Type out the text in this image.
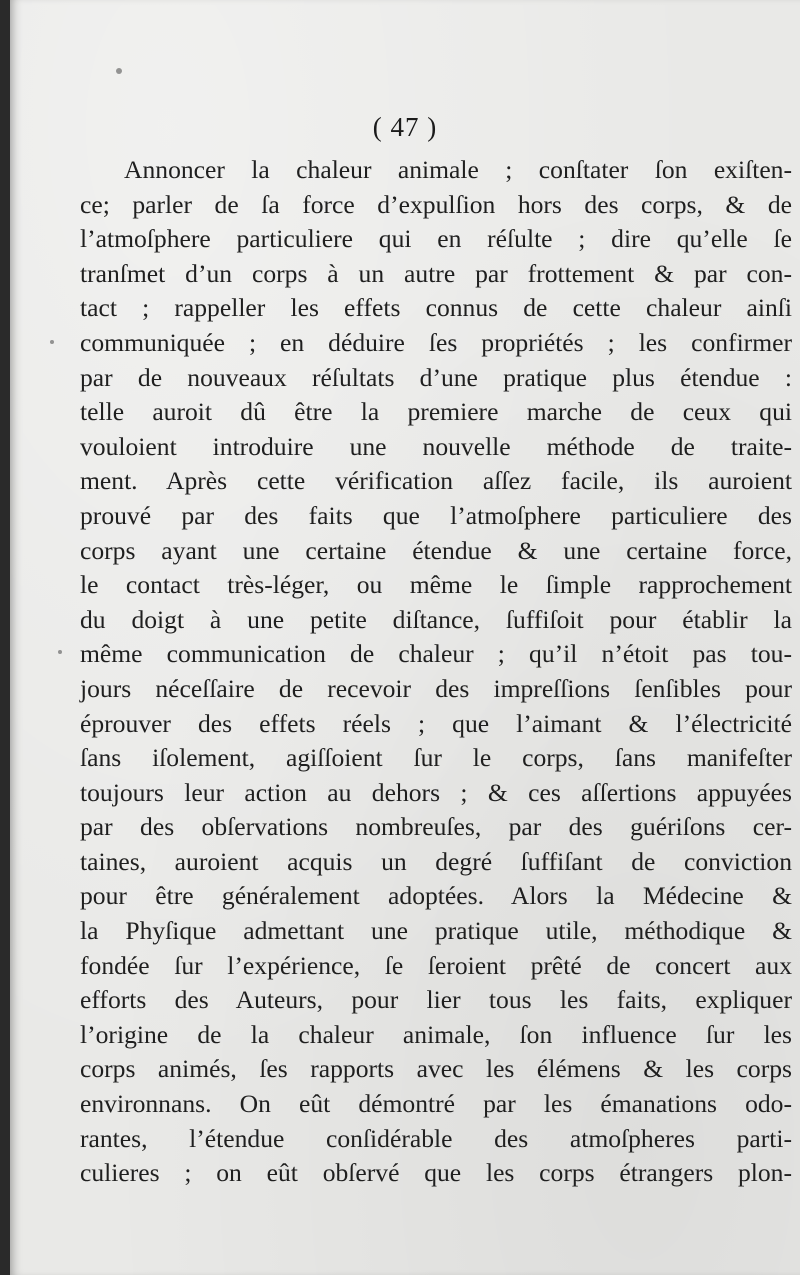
( 47 )
Annoncer la chaleur animale ; conſtater ſon exiſten-
ce; parler de ſa force d’expulſion hors des corps, & de
l’atmoſphere particuliere qui en réſulte ; dire qu’elle ſe
tranſmet d’un corps à un autre par frottement & par con-
tact ; rappeller les effets connus de cette chaleur ainſi
communiquée ; en déduire ſes propriétés ; les confirmer
par de nouveaux réſultats d’une pratique plus étendue :
telle auroit dû être la premiere marche de ceux qui
vouloient introduire une nouvelle méthode de traite-
ment. Après cette vérification aſſez facile, ils auroient
prouvé par des faits que l’atmoſphere particuliere des
corps ayant une certaine étendue & une certaine force,
le contact très-léger, ou même le ſimple rapprochement
du doigt à une petite diſtance, ſuffiſoit pour établir la
même communication de chaleur ; qu’il n’étoit pas tou-
jours néceſſaire de recevoir des impreſſions ſenſibles pour
éprouver des effets réels ; que l’aimant & l’électricité
ſans iſolement, agiſſoient ſur le corps, ſans manifeſter
toujours leur action au dehors ; & ces aſſertions appuyées
par des obſervations nombreuſes, par des guériſons cer-
taines, auroient acquis un degré ſuffiſant de conviction
pour être généralement adoptées. Alors la Médecine &
la Phyſique admettant une pratique utile, méthodique &
fondée ſur l’expérience, ſe ſeroient prêté de concert aux
efforts des Auteurs, pour lier tous les faits, expliquer
l’origine de la chaleur animale, ſon influence ſur les
corps animés, ſes rapports avec les élémens & les corps
environnans. On eût démontré par les émanations odo-
rantes, l’étendue conſidérable des atmoſpheres parti-
culieres ; on eût obſervé que les corps étrangers plon-
